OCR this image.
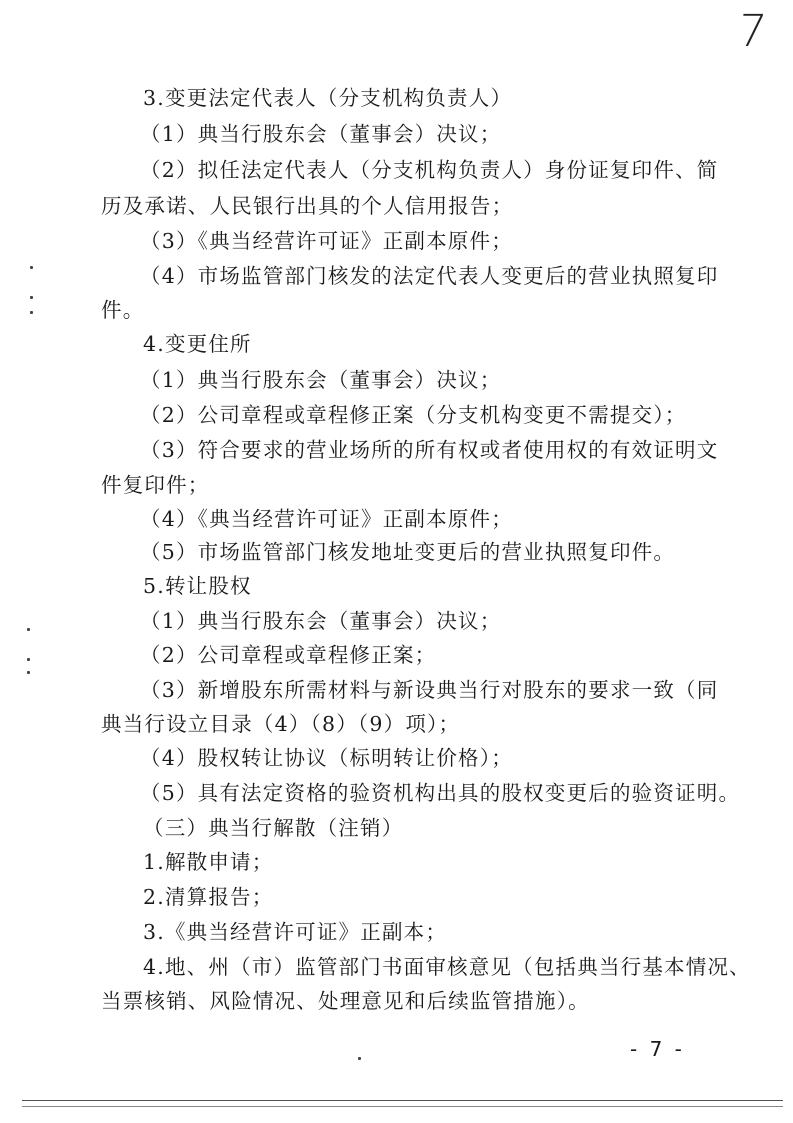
7
3.变更法定代表人（分支机构负责人）
（1）典当行股东会（董事会）决议；
（2）拟任法定代表人（分支机构负责人）身份证复印件、简
历及承诺、人民银行出具的个人信用报告；
（3）《典当经营许可证》正副本原件；
（4）市场监管部门核发的法定代表人变更后的营业执照复印
件。
4.变更住所
（1）典当行股东会（董事会）决议；
（2）公司章程或章程修正案（分支机构变更不需提交）；
（3）符合要求的营业场所的所有权或者使用权的有效证明文
件复印件；
（4）《典当经营许可证》正副本原件；
（5）市场监管部门核发地址变更后的营业执照复印件。
5.转让股权
（1）典当行股东会（董事会）决议；
（2）公司章程或章程修正案；
（3）新增股东所需材料与新设典当行对股东的要求一致（同
典当行设立目录（4）（8）（9）项）；
（4）股权转让协议（标明转让价格）；
（5）具有法定资格的验资机构出具的股权变更后的验资证明。
（三）典当行解散（注销）
1.解散申请；
2.清算报告；
3.《典当经营许可证》正副本；
4.地、州（市）监管部门书面审核意见（包括典当行基本情况、
当票核销、风险情况、处理意见和后续监管措施）。
- 7 -
